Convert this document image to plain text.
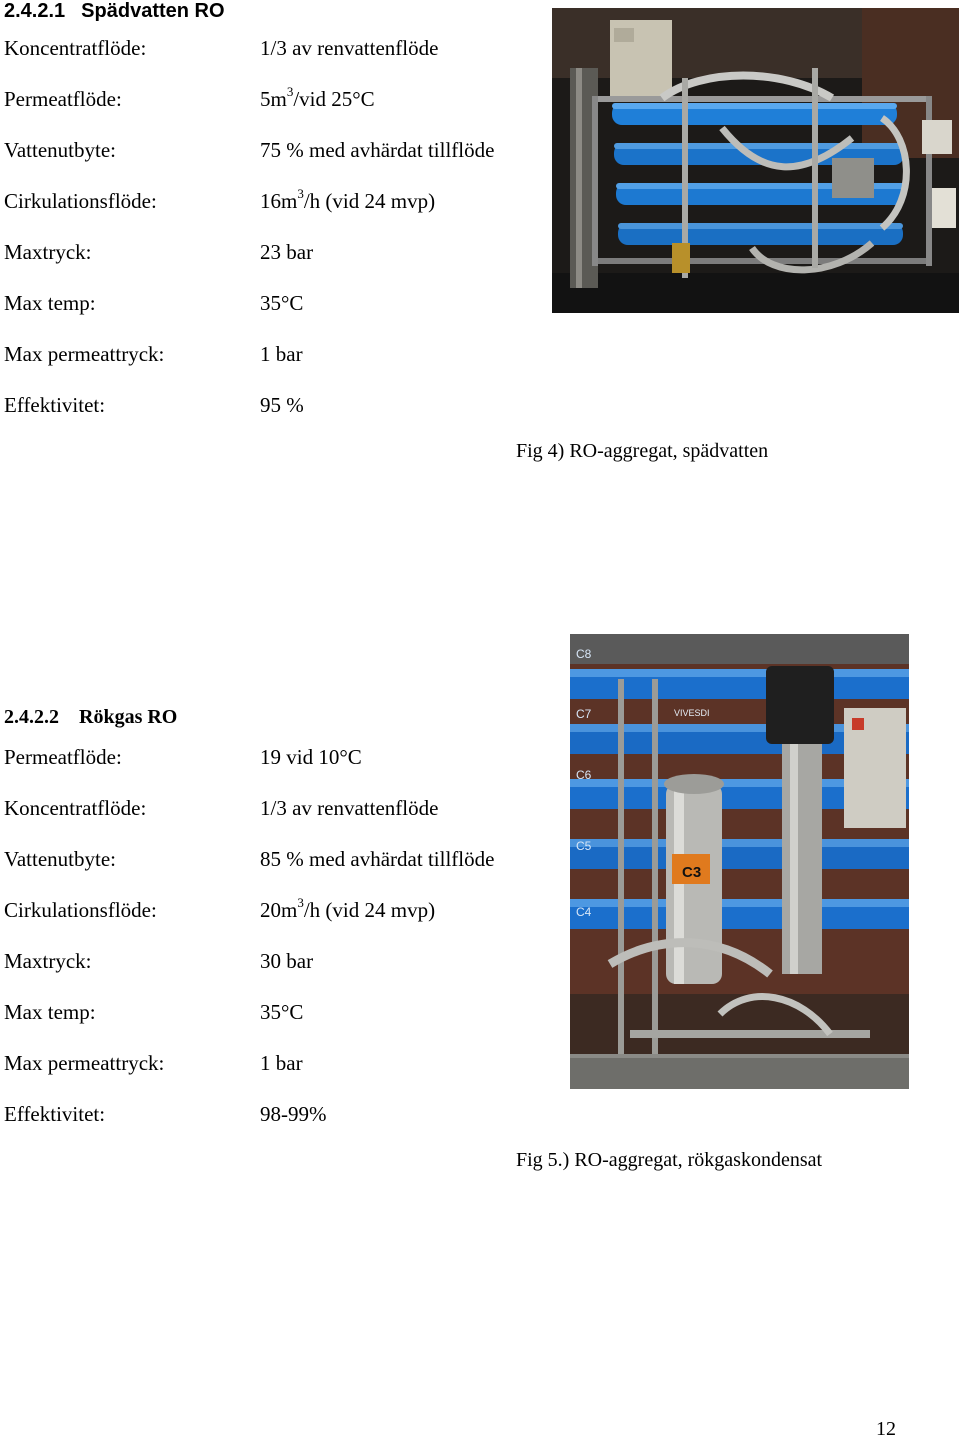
2.4.2.1 Spädvatten RO
Koncentratflöde:	1/3 av renvattenflöde
Permeatflöde:	$5m^3$/vid 25°C
Vattenutbyte:	75 % med avhärdat tillflöde
Cirkulationsflöde:	$16m^3/h$ (vid 24 mvp)
Maxtryck:	23 bar
Max temp:	35°C
Max permeattryck:	1 bar
Effektivitet:	95 %
Fig 4) RO-aggregat, spädvatten
C8
C7
C6
C5
C4
VIVESDI
C3
2.4.2.2 Rökgas RO
Permeatflöde:	19 vid 10°C
Koncentratflöde:	1/3 av renvattenflöde
Vattenutbyte:	85 % med avhärdat tillflöde
Cirkulationsflöde:	$20m^3/h$ (vid 24 mvp)
Maxtryck:	30 bar
Max temp:	35°C
Max permeattryck:	1 bar
Effektivitet:	98-99%
Fig 5.) RO-aggregat, rökgaskondensat
12
